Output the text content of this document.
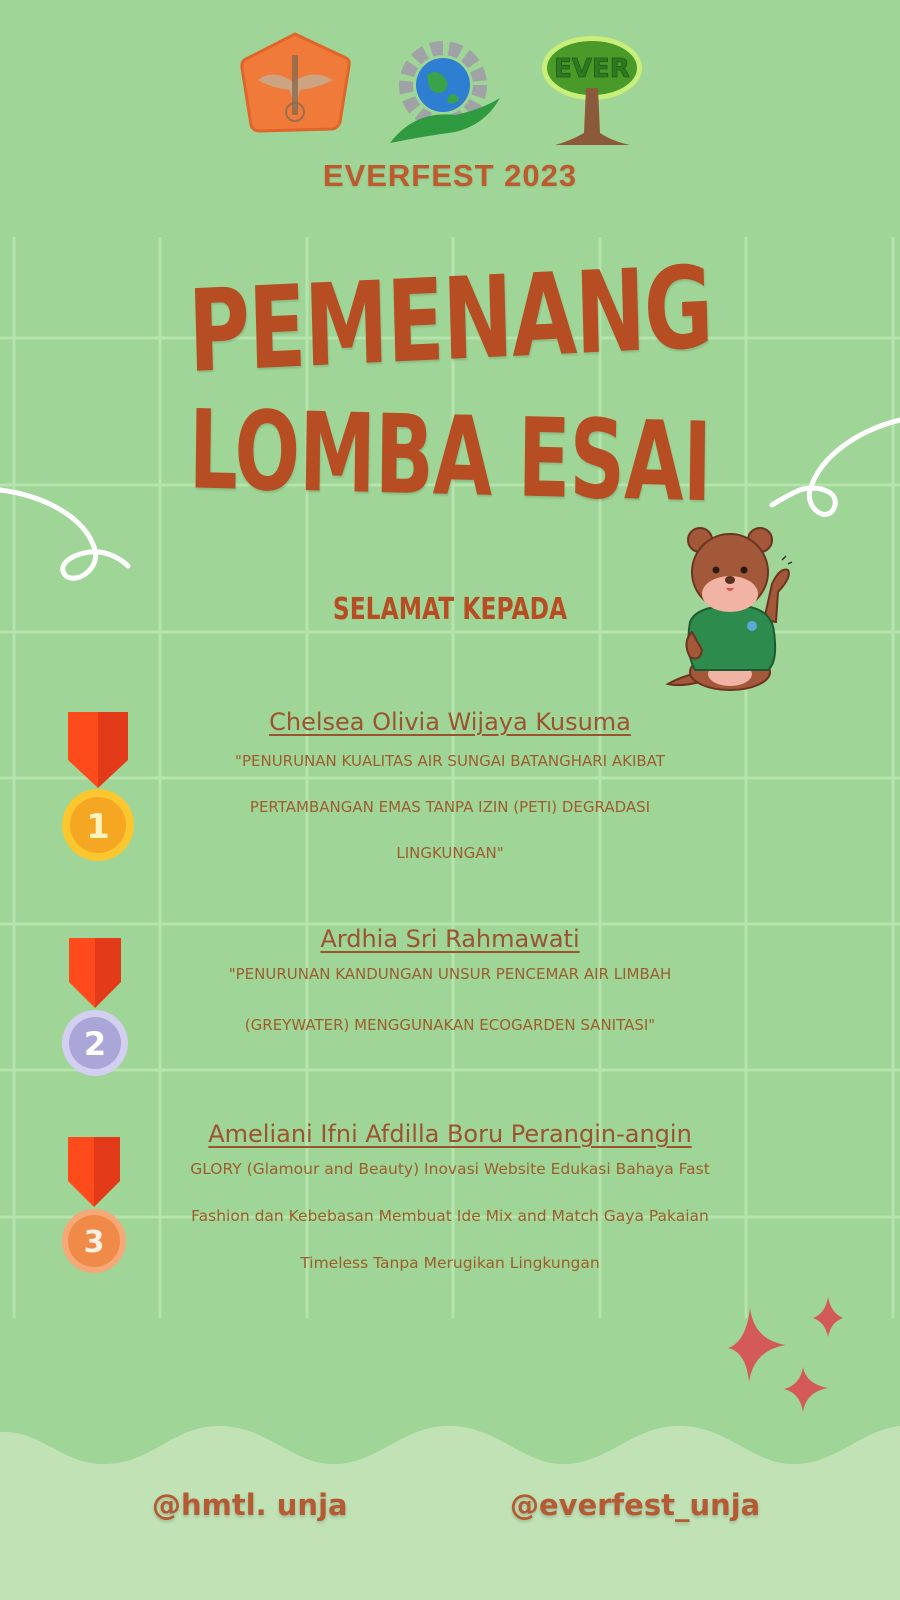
EVER
EVERFEST 2023
PEMENANG
LOMBA ESAI
SELAMAT KEPADA
1
Chelsea Olivia Wijaya Kusuma
"PENURUNAN KUALITAS AIR SUNGAI BATANGHARI AKIBAT
PERTAMBANGAN EMAS TANPA IZIN (PETI) DEGRADASI
LINGKUNGAN"
2
Ardhia Sri Rahmawati
"PENURUNAN KANDUNGAN UNSUR PENCEMAR AIR LIMBAH
(GREYWATER) MENGGUNAKAN ECOGARDEN SANITASI"
3
Ameliani Ifni Afdilla Boru Perangin-angin
GLORY (Glamour and Beauty) Inovasi Website Edukasi Bahaya Fast
Fashion dan Kebebasan Membuat Ide Mix and Match Gaya Pakaian
Timeless Tanpa Merugikan Lingkungan
@hmtl. unja	@everfest_unja
